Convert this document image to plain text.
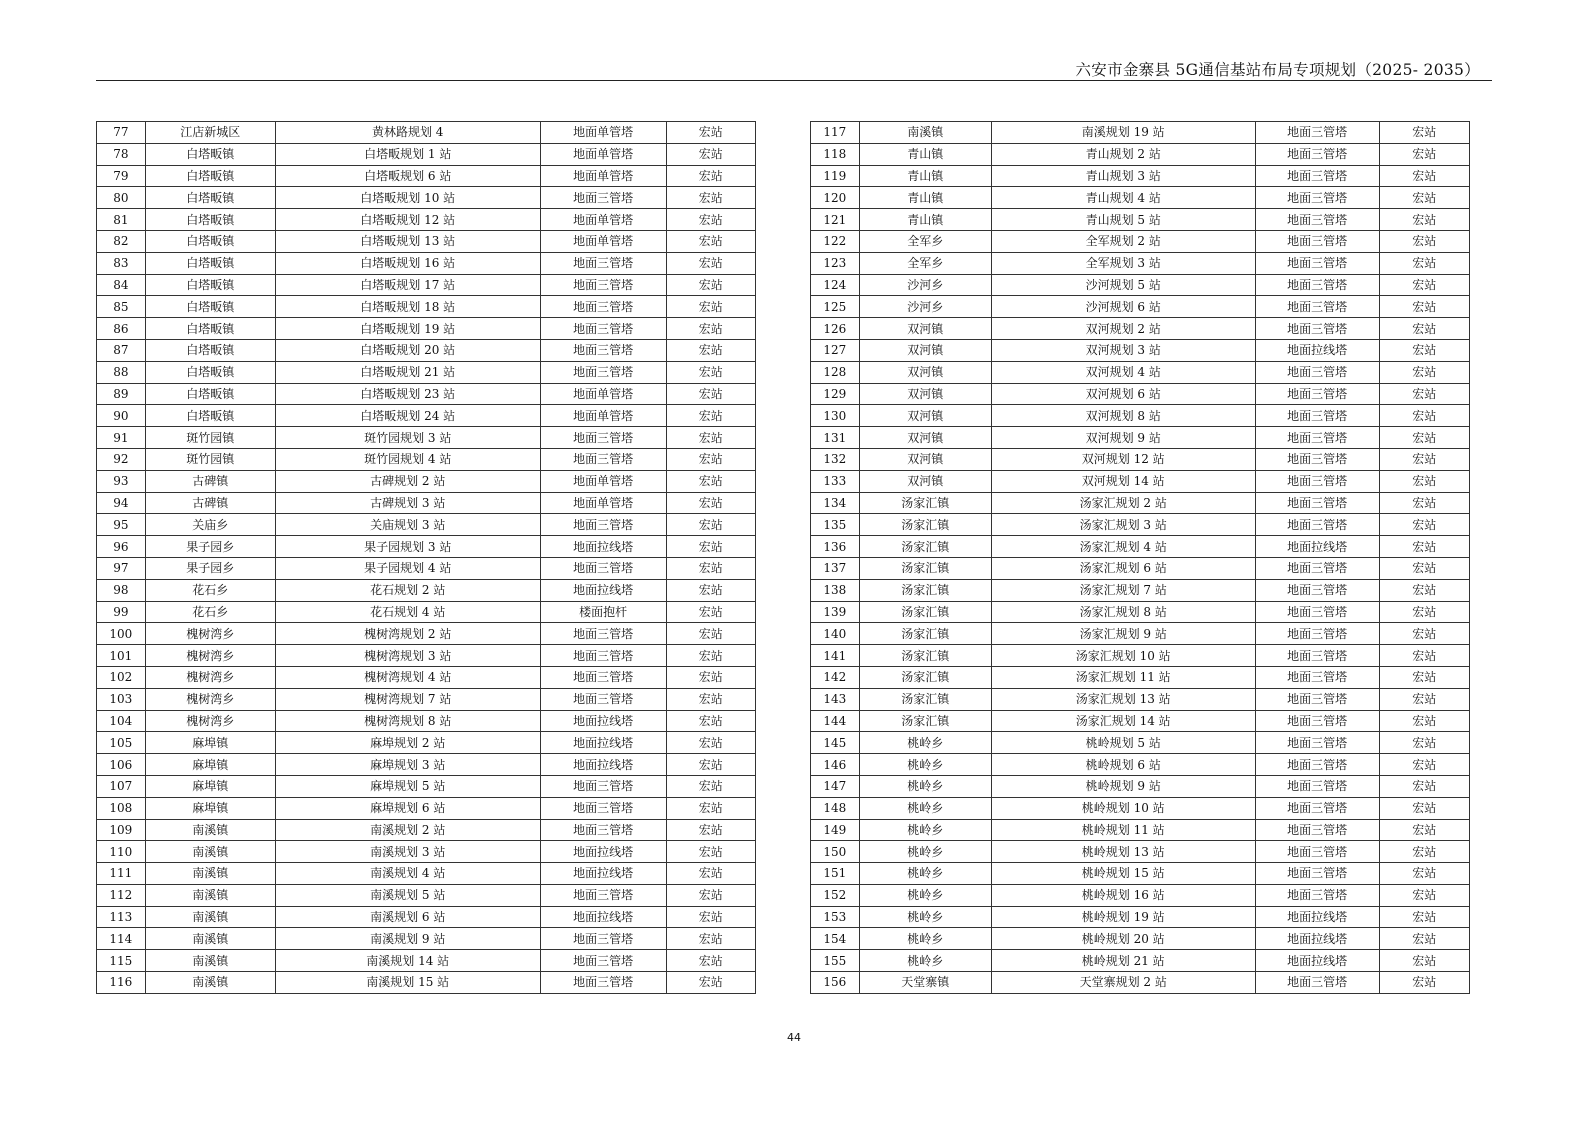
六安市金寨县 5G通信基站布局专项规划（2025- 2035）
77	江店新城区	黄林路规划 4	地面单管塔	宏站
78	白塔畈镇	白塔畈规划 1 站	地面单管塔	宏站
79	白塔畈镇	白塔畈规划 6 站	地面单管塔	宏站
80	白塔畈镇	白塔畈规划 10 站	地面三管塔	宏站
81	白塔畈镇	白塔畈规划 12 站	地面单管塔	宏站
82	白塔畈镇	白塔畈规划 13 站	地面单管塔	宏站
83	白塔畈镇	白塔畈规划 16 站	地面三管塔	宏站
84	白塔畈镇	白塔畈规划 17 站	地面三管塔	宏站
85	白塔畈镇	白塔畈规划 18 站	地面三管塔	宏站
86	白塔畈镇	白塔畈规划 19 站	地面三管塔	宏站
87	白塔畈镇	白塔畈规划 20 站	地面三管塔	宏站
88	白塔畈镇	白塔畈规划 21 站	地面三管塔	宏站
89	白塔畈镇	白塔畈规划 23 站	地面单管塔	宏站
90	白塔畈镇	白塔畈规划 24 站	地面单管塔	宏站
91	斑竹园镇	斑竹园规划 3 站	地面三管塔	宏站
92	斑竹园镇	斑竹园规划 4 站	地面三管塔	宏站
93	古碑镇	古碑规划 2 站	地面单管塔	宏站
94	古碑镇	古碑规划 3 站	地面单管塔	宏站
95	关庙乡	关庙规划 3 站	地面三管塔	宏站
96	果子园乡	果子园规划 3 站	地面拉线塔	宏站
97	果子园乡	果子园规划 4 站	地面三管塔	宏站
98	花石乡	花石规划 2 站	地面拉线塔	宏站
99	花石乡	花石规划 4 站	楼面抱杆	宏站
100	槐树湾乡	槐树湾规划 2 站	地面三管塔	宏站
101	槐树湾乡	槐树湾规划 3 站	地面三管塔	宏站
102	槐树湾乡	槐树湾规划 4 站	地面三管塔	宏站
103	槐树湾乡	槐树湾规划 7 站	地面三管塔	宏站
104	槐树湾乡	槐树湾规划 8 站	地面拉线塔	宏站
105	麻埠镇	麻埠规划 2 站	地面拉线塔	宏站
106	麻埠镇	麻埠规划 3 站	地面拉线塔	宏站
107	麻埠镇	麻埠规划 5 站	地面三管塔	宏站
108	麻埠镇	麻埠规划 6 站	地面三管塔	宏站
109	南溪镇	南溪规划 2 站	地面三管塔	宏站
110	南溪镇	南溪规划 3 站	地面拉线塔	宏站
111	南溪镇	南溪规划 4 站	地面拉线塔	宏站
112	南溪镇	南溪规划 5 站	地面三管塔	宏站
113	南溪镇	南溪规划 6 站	地面拉线塔	宏站
114	南溪镇	南溪规划 9 站	地面三管塔	宏站
115	南溪镇	南溪规划 14 站	地面三管塔	宏站
116	南溪镇	南溪规划 15 站	地面三管塔	宏站
117	南溪镇	南溪规划 19 站	地面三管塔	宏站
118	青山镇	青山规划 2 站	地面三管塔	宏站
119	青山镇	青山规划 3 站	地面三管塔	宏站
120	青山镇	青山规划 4 站	地面三管塔	宏站
121	青山镇	青山规划 5 站	地面三管塔	宏站
122	全军乡	全军规划 2 站	地面三管塔	宏站
123	全军乡	全军规划 3 站	地面三管塔	宏站
124	沙河乡	沙河规划 5 站	地面三管塔	宏站
125	沙河乡	沙河规划 6 站	地面三管塔	宏站
126	双河镇	双河规划 2 站	地面三管塔	宏站
127	双河镇	双河规划 3 站	地面拉线塔	宏站
128	双河镇	双河规划 4 站	地面三管塔	宏站
129	双河镇	双河规划 6 站	地面三管塔	宏站
130	双河镇	双河规划 8 站	地面三管塔	宏站
131	双河镇	双河规划 9 站	地面三管塔	宏站
132	双河镇	双河规划 12 站	地面三管塔	宏站
133	双河镇	双河规划 14 站	地面三管塔	宏站
134	汤家汇镇	汤家汇规划 2 站	地面三管塔	宏站
135	汤家汇镇	汤家汇规划 3 站	地面三管塔	宏站
136	汤家汇镇	汤家汇规划 4 站	地面拉线塔	宏站
137	汤家汇镇	汤家汇规划 6 站	地面三管塔	宏站
138	汤家汇镇	汤家汇规划 7 站	地面三管塔	宏站
139	汤家汇镇	汤家汇规划 8 站	地面三管塔	宏站
140	汤家汇镇	汤家汇规划 9 站	地面三管塔	宏站
141	汤家汇镇	汤家汇规划 10 站	地面三管塔	宏站
142	汤家汇镇	汤家汇规划 11 站	地面三管塔	宏站
143	汤家汇镇	汤家汇规划 13 站	地面三管塔	宏站
144	汤家汇镇	汤家汇规划 14 站	地面三管塔	宏站
145	桃岭乡	桃岭规划 5 站	地面三管塔	宏站
146	桃岭乡	桃岭规划 6 站	地面三管塔	宏站
147	桃岭乡	桃岭规划 9 站	地面三管塔	宏站
148	桃岭乡	桃岭规划 10 站	地面三管塔	宏站
149	桃岭乡	桃岭规划 11 站	地面三管塔	宏站
150	桃岭乡	桃岭规划 13 站	地面三管塔	宏站
151	桃岭乡	桃岭规划 15 站	地面三管塔	宏站
152	桃岭乡	桃岭规划 16 站	地面三管塔	宏站
153	桃岭乡	桃岭规划 19 站	地面拉线塔	宏站
154	桃岭乡	桃岭规划 20 站	地面拉线塔	宏站
155	桃岭乡	桃岭规划 21 站	地面拉线塔	宏站
156	天堂寨镇	天堂寨规划 2 站	地面三管塔	宏站
44
